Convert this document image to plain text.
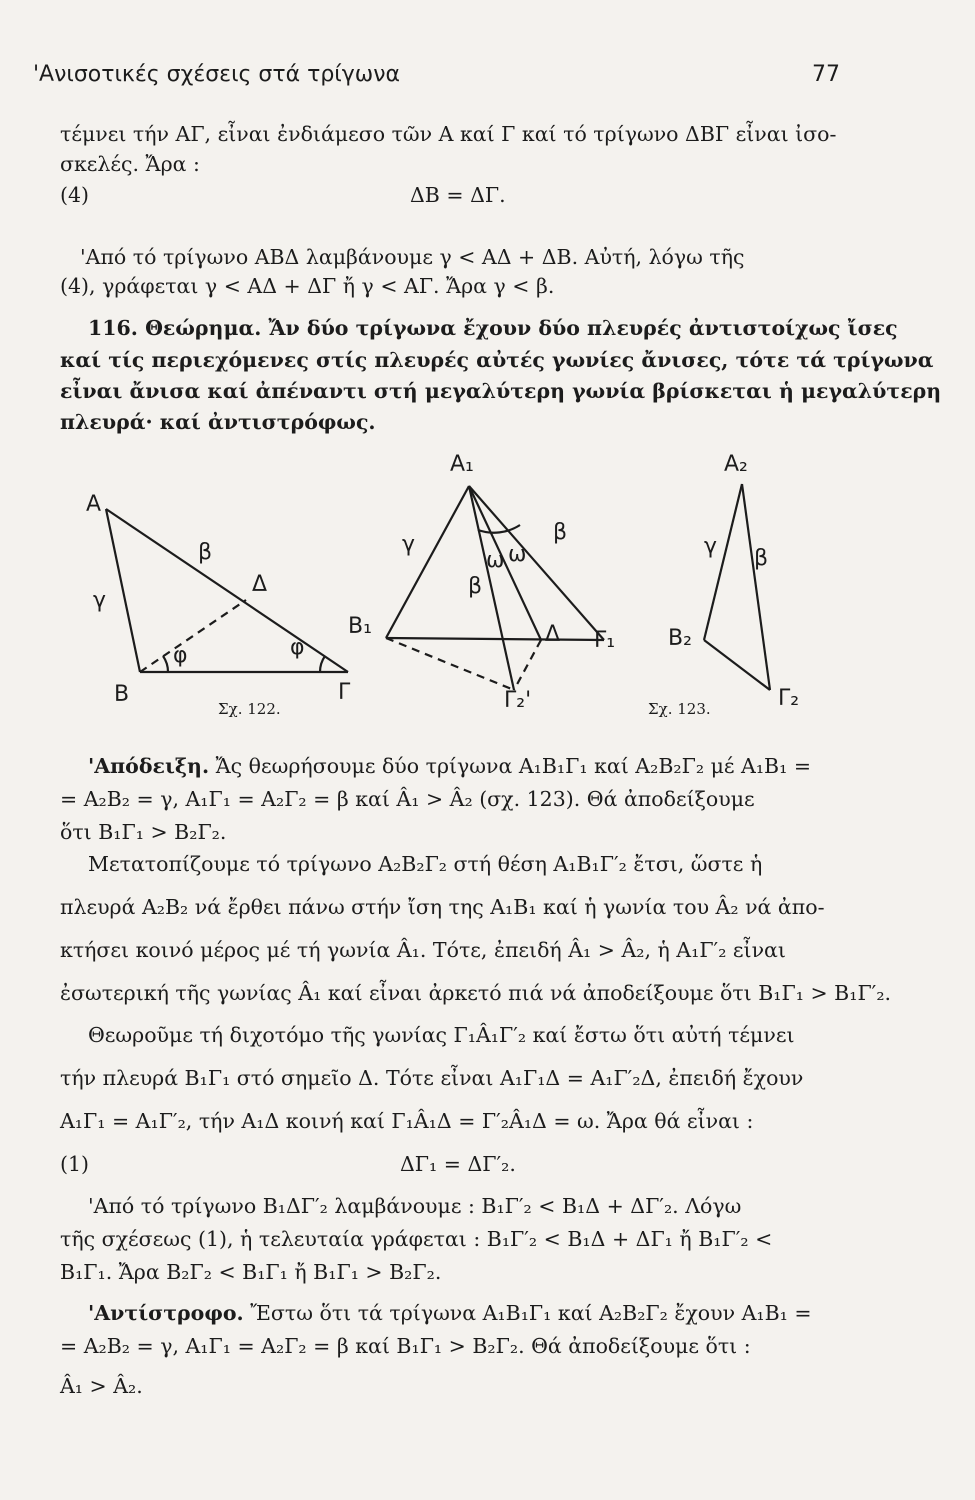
'Ανισοτικές σχέσεις στά τρίγωνα	77
τέμνει τήν ΑΓ, εἶναι ἐνδιάμεσο τῶν Α καί Γ καί τό τρίγωνο ΔΒΓ εἶναι ἰσο-
σκελές. Ἄρα :
(4)	ΔΒ = ΔΓ.
'Από τό τρίγωνο ΑΒΔ λαμβάνουμε γ < ΑΔ + ΔΒ. Αὐτή, λόγω τῆς
(4), γράφεται γ < ΑΔ + ΔΓ ἤ γ < ΑΓ. Ἄρα γ < β.
116. Θεώρημα. Ἄν δύο τρίγωνα ἔχουν δύο πλευρές ἀντιστοίχως ἴσες
καί τίς περιεχόμενες στίς πλευρές αὐτές γωνίες ἄνισες, τότε τά τρίγωνα
εἶναι ἄνισα καί ἀπέναντι στή μεγαλύτερη γωνία βρίσκεται ἡ μεγαλύτερη
πλευρά· καί ἀντιστρόφως.
Α
Β	Γ
Δ
β
γ
φ	φ
Σχ. 122.
Α₁
Β₁
Γ₁
Γ₂'
Δ
γ	β
β
ω ω
Α₂
Β₂
Γ₂
γ β
Σχ. 123.
'Απόδειξη. Ἄς θεωρήσουμε δύο τρίγωνα Α₁Β₁Γ₁ καί Α₂Β₂Γ₂ μέ Α₁Β₁ =
= Α₂Β₂ = γ, Α₁Γ₁ = Α₂Γ₂ = β καί Â₁ > Â₂ (σχ. 123). Θά ἀποδείξουμε
ὅτι Β₁Γ₁ > Β₂Γ₂.
Μετατοπίζουμε τό τρίγωνο Α₂Β₂Γ₂ στή θέση Α₁Β₁Γ′₂ ἔτσι, ὥστε ἡ
πλευρά Α₂Β₂ νά ἔρθει πάνω στήν ἴση της Α₁Β₁ καί ἡ γωνία του Â₂ νά ἀπο-
κτήσει κοινό μέρος μέ τή γωνία Â₁. Τότε, ἐπειδή Â₁ > Â₂, ἡ Α₁Γ′₂ εἶναι
ἐσωτερική τῆς γωνίας Â₁ καί εἶναι ἀρκετό πιά νά ἀποδείξουμε ὅτι Β₁Γ₁ > Β₁Γ′₂.
Θεωροῦμε τή διχοτόμο τῆς γωνίας Γ₁Â₁Γ′₂ καί ἔστω ὅτι αὐτή τέμνει
τήν πλευρά Β₁Γ₁ στό σημεῖο Δ. Τότε εἶναι Α₁Γ₁Δ = Α₁Γ′₂Δ, ἐπειδή ἔχουν
Α₁Γ₁ = Α₁Γ′₂, τήν Α₁Δ κοινή καί Γ₁Â₁Δ = Γ′₂Â₁Δ = ω. Ἄρα θά εἶναι :
(1)	ΔΓ₁ = ΔΓ′₂.
'Από τό τρίγωνο Β₁ΔΓ′₂ λαμβάνουμε : Β₁Γ′₂ < Β₁Δ + ΔΓ′₂. Λόγω
τῆς σχέσεως (1), ἡ τελευταία γράφεται : Β₁Γ′₂ < Β₁Δ + ΔΓ₁ ἤ Β₁Γ′₂ <
Β₁Γ₁. Ἄρα Β₂Γ₂ < Β₁Γ₁ ἤ Β₁Γ₁ > Β₂Γ₂.
'Αντίστροφο. Ἔστω ὅτι τά τρίγωνα Α₁Β₁Γ₁ καί Α₂Β₂Γ₂ ἔχουν Α₁Β₁ =
= Α₂Β₂ = γ, Α₁Γ₁ = Α₂Γ₂ = β καί Β₁Γ₁ > Β₂Γ₂. Θά ἀποδείξουμε ὅτι :
Â₁ > Â₂.
